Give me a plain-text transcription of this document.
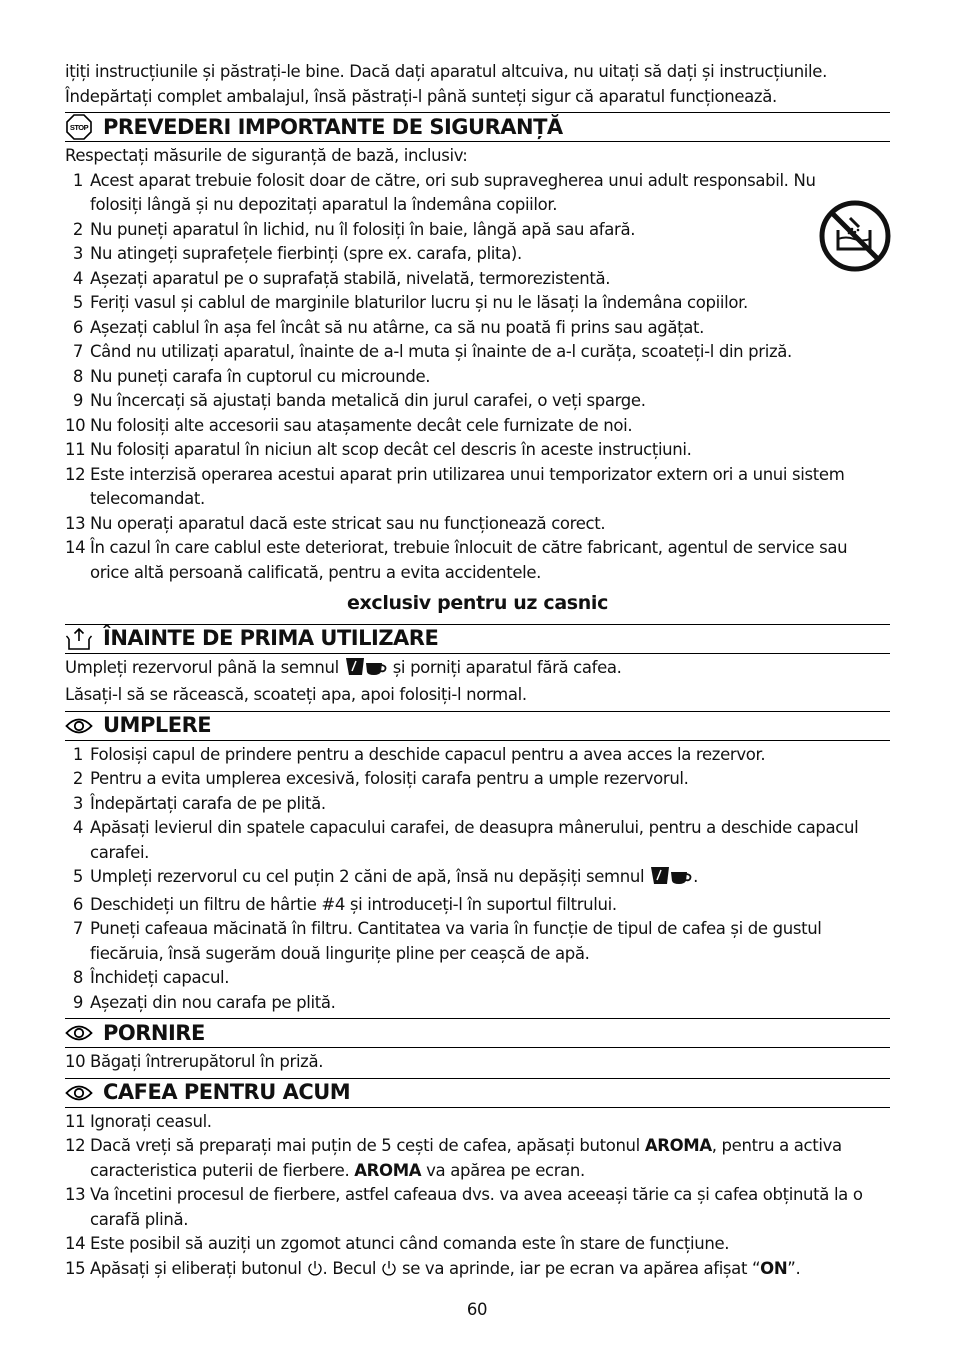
ițiți instrucțiunile și păstrați-le bine. Dacă dați aparatul altcuiva, nu uitați să dați și instrucțiunile.

Îndepărtați complet ambalajul, însă păstrați-l până sunteți sigur că aparatul funcționează.

STOP PREVEDERI IMPORTANTE DE SIGURANȚĂ

Respectați măsurile de siguranță de bază, inclusiv:

1 Acest aparat trebuie folosit doar de către, ori sub supravegherea unui adult responsabil. Nu folosiți lângă și nu depozitați aparatul la îndemâna copiilor.
2 Nu puneți aparatul în lichid, nu îl folosiți în baie, lângă apă sau afară.
3 Nu atingeți suprafețele fierbinți (spre ex. carafa, plita).
4 Așezați aparatul pe o suprafață stabilă, nivelată, termorezistentă.
5 Feriți vasul și cablul de marginile blaturilor lucru și nu le lăsați la îndemâna copiilor.
6 Așezați cablul în așa fel încât să nu atârne, ca să nu poată fi prins sau agățat.
7 Când nu utilizați aparatul, înainte de a-l muta și înainte de a-l curăța, scoateți-l din priză.
8 Nu puneți carafa în cuptorul cu microunde.
9 Nu încercați să ajustați banda metalică din jurul carafei, o veți sparge.
10 Nu folosiți alte accesorii sau atașamente decât cele furnizate de noi.
11 Nu folosiți aparatul în niciun alt scop decât cel descris în aceste instrucțiuni.
12 Este interzisă operarea acestui aparat prin utilizarea unui temporizator extern ori a unui sistem telecomandat.
13 Nu operați aparatul dacă este stricat sau nu funcționează corect.
14 În cazul în care cablul este deteriorat, trebuie înlocuit de către fabricant, agentul de service sau orice altă persoană calificată, pentru a evita accidentele.

exclusiv pentru uz casnic

ÎNAINTE DE PRIMA UTILIZARE

Umpleți rezervorul până la semnul	și porniți aparatul fără cafea.

Lăsați-l să se răcească, scoateți apa, apoi folosiți-l normal.

UMPLERE
1 Folosiși capul de prindere pentru a deschide capacul pentru a avea acces la rezervor.
2 Pentru a evita umplerea excesivă, folosiți carafa pentru a umple rezervorul.
3 Îndepărtați carafa de pe plită.
4 Apăsați levierul din spatele capacului carafei, de deasupra mânerului, pentru a deschide capacul carafei.
5 Umpleți rezervorul cu cel puțin 2 căni de apă, însă nu depășiți semnul	.
6 Deschideți un filtru de hârtie #4 și introduceți-l în suportul filtrului.
7 Puneți cafeaua măcinată în filtru. Cantitatea va varia în funcție de tipul de cafea și de gustul fiecăruia, însă sugerăm două lingurițe pline per ceașcă de apă.
8 Închideți capacul.
9 Așezați din nou carafa pe plită.
PORNIRE
10 Băgați întrerupătorul în priză.
CAFEA PENTRU ACUM
11 Ignorați ceasul.
12 Dacă vreți să preparați mai puțin de 5 cești de cafea, apăsați butonul AROMA, pentru a activa caracteristica puterii de fierbere. AROMA va apărea pe ecran.
13 Va încetini procesul de fierbere, astfel cafeaua dvs. va avea aceeași tărie ca și cafea obținută la o carafă plină.
14 Este posibil să auziți un zgomot atunci când comanda este în stare de funcțiune.
15 Apăsați și eliberați butonul . Becul se va aprinde, iar pe ecran va apărea afișat “ON”.
60
